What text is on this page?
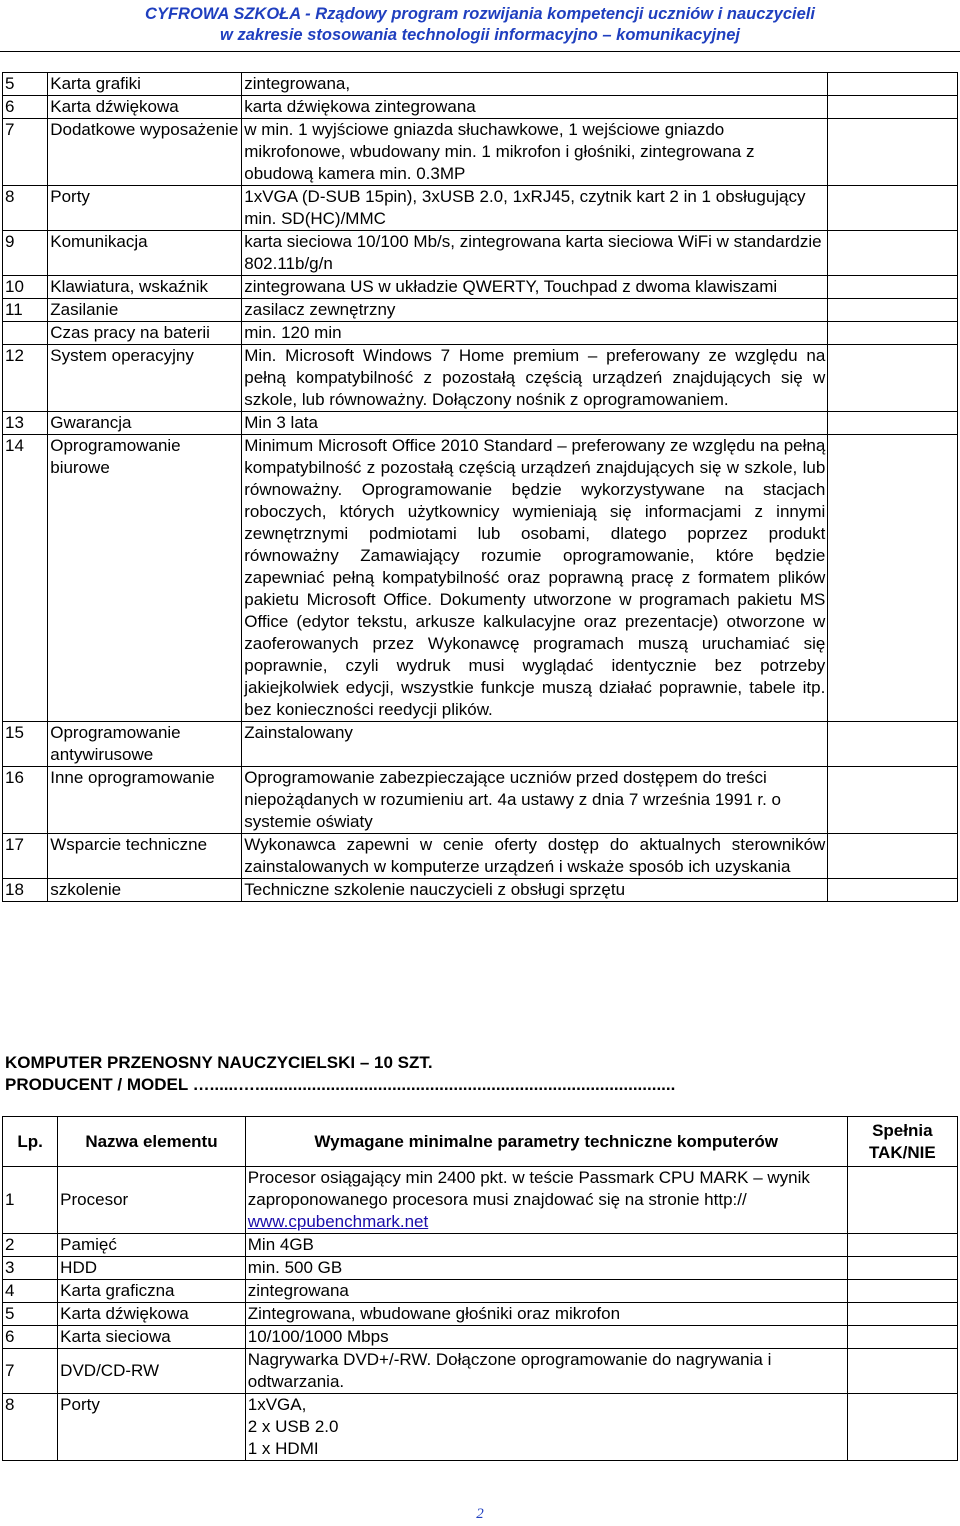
CYFROWA SZKOŁA - Rządowy program rozwijania kompetencji uczniów i nauczycieli
w zakresie stosowania technologii informacyjno – komunikacyjnej
5	Karta grafiki	zintegrowana,	
6	Karta dźwiękowa	karta dźwiękowa zintegrowana	
7	Dodatkowe wyposażenie	w min. 1 wyjściowe gniazda słuchawkowe, 1 wejściowe gniazdo mikrofonowe, wbudowany min. 1 mikrofon i głośniki, zintegrowana z obudową kamera min. 0.3MP	
8	Porty	1xVGA (D-SUB 15pin), 3xUSB 2.0, 1xRJ45, czytnik kart 2 in 1 obsługujący min. SD(HC)/MMC	
9	Komunikacja	karta sieciowa 10/100 Mb/s, zintegrowana karta sieciowa WiFi w standardzie 802.11b/g/n	
10	Klawiatura, wskaźnik	zintegrowana US w układzie QWERTY, Touchpad z dwoma klawiszami	
11	Zasilanie	zasilacz zewnętrzny	
	Czas pracy na baterii	min. 120 min	
12	System operacyjny	Min. Microsoft Windows 7 Home premium – preferowany ze względu na pełną kompatybilność z pozostałą częścią urządzeń znajdujących się w szkole, lub równoważny. Dołączony nośnik z oprogramowaniem.	
13	Gwarancja	Min 3 lata	
14	Oprogramowanie biurowe	Minimum Microsoft Office 2010 Standard – preferowany ze względu na pełną kompatybilność z pozostałą częścią urządzeń znajdujących się w szkole, lub równoważny. Oprogramowanie będzie wykorzystywane na stacjach roboczych, których użytkownicy wymieniają się informacjami z innymi zewnętrznymi podmiotami lub osobami, dlatego poprzez produkt równoważny Zamawiający rozumie oprogramowanie, które będzie zapewniać pełną kompatybilność oraz poprawną pracę z formatem plików pakietu Microsoft Office. Dokumenty utworzone w programach pakietu MS Office (edytor tekstu, arkusze kalkulacyjne oraz prezentacje) otworzone w zaoferowanych przez Wykonawcę programach muszą uruchamiać się poprawnie, czyli wydruk musi wyglądać identycznie bez potrzeby jakiejkolwiek edycji, wszystkie funkcje muszą działać poprawnie, tabele itp. bez konieczności reedycji plików.	
15	Oprogramowanie antywirusowe	Zainstalowany	
16	Inne oprogramowanie	Oprogramowanie zabezpieczające uczniów przed dostępem do treści niepożądanych w rozumieniu art. 4a ustawy z dnia 7 września 1991 r. o systemie oświaty	
17	Wsparcie techniczne	Wykonawca zapewni w cenie oferty dostęp do aktualnych sterowników zainstalowanych w komputerze urządzeń i wskaże sposób ich uzyskania	
18	szkolenie	Techniczne szkolenie nauczycieli z obsługi sprzętu	
KOMPUTER PRZENOSNY NAUCZYCIELSKI – 10 SZT.
PRODUCENT / MODEL …......….........................................................................................
Lp.	Nazwa elementu	Wymagane minimalne parametry techniczne komputerów	Spełnia TAK/NIE
1	Procesor	Procesor osiągający min 2400 pkt. w teście Passmark CPU MARK – wynik zaproponowanego procesora musi znajdować się na stronie http:// www.cpubenchmark.net	
2	Pamięć	Min 4GB	
3	HDD	min. 500 GB	
4	Karta graficzna	zintegrowana	
5	Karta dźwiękowa	Zintegrowana, wbudowane głośniki oraz mikrofon	
6	Karta sieciowa	10/100/1000 Mbps	
7	DVD/CD-RW	Nagrywarka DVD+/-RW. Dołączone oprogramowanie do nagrywania i odtwarzania.	
8	Porty	1xVGA,
2 x USB 2.0
1 x HDMI	

2
